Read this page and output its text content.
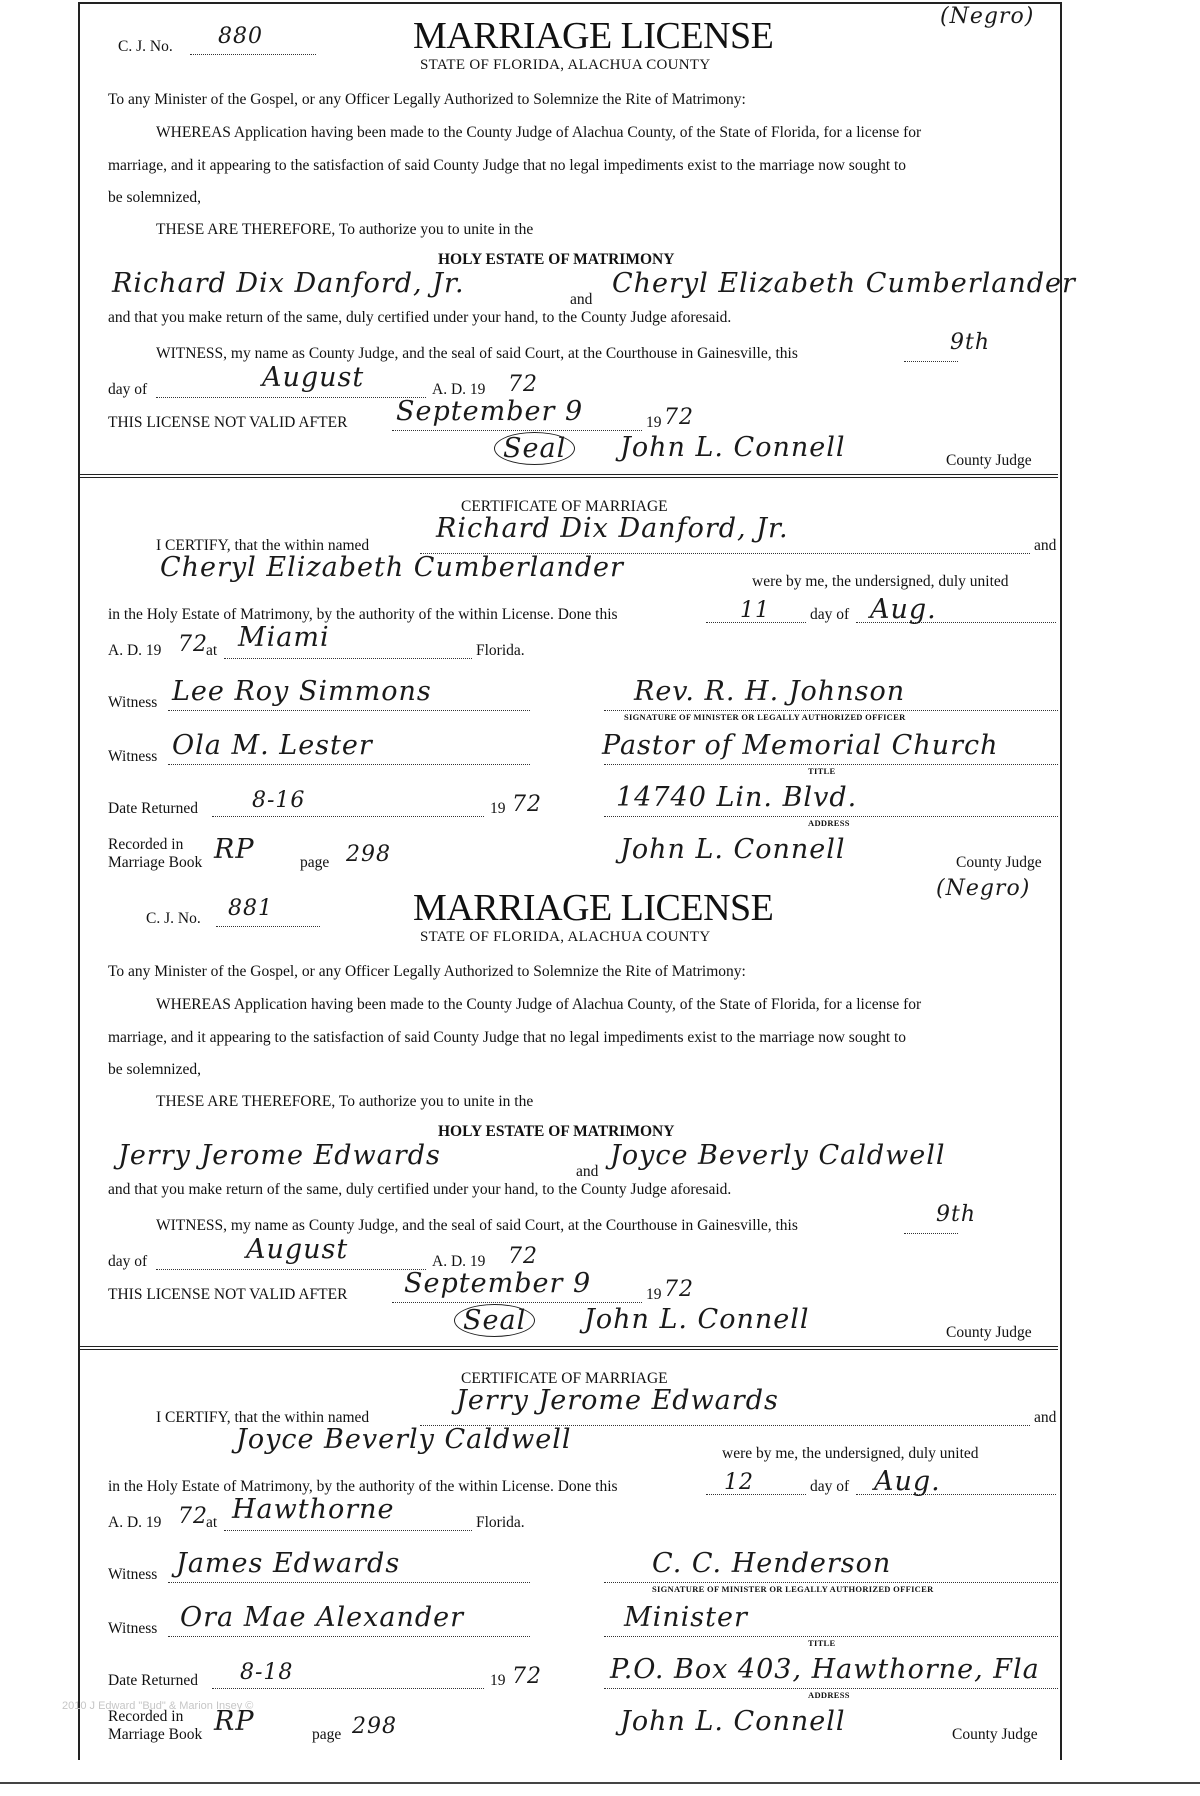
C. J. No. 880	MARRIAGE LICENSE	(Negro)
STATE OF FLORIDA, ALACHUA COUNTY
To any Minister of the Gospel, or any Officer Legally Authorized to Solemnize the Rite of Matrimony:
WHEREAS Application having been made to the County Judge of Alachua County, of the State of Florida, for a license for
marriage, and it appearing to the satisfaction of said County Judge that no legal impediments exist to the marriage now sought to
be solemnized,
THESE ARE THEREFORE, To authorize you to unite in the
HOLY ESTATE OF MATRIMONY
Richard Dix Danford, Jr.
and
Cheryl Elizabeth Cumberlander
and that you make return of the same, duly certified under your hand, to the County Judge aforesaid.
WITNESS, my name as County Judge, and the seal of said Court, at the Courthouse in Gainesville, this	9th
day of	August	A. D. 19 72
THIS LICENSE NOT VALID AFTER September 9	19 72
Seal	John L. Connell	County Judge
CERTIFICATE OF MARRIAGE
I CERTIFY, that the within named
Richard Dix Danford, Jr.
and
Cheryl Elizabeth Cumberlander	were by me, the undersigned, duly united
in the Holy Estate of Matrimony, by the authority of the within License. Done this	11	day of Aug.
A. D. 19 72
at Miami	Florida.
Witness Lee Roy Simmons	Rev. R. H. Johnson
SIGNATURE OF MINISTER OR LEGALLY AUTHORIZED OFFICER
Witness Ola M. Lester	Pastor of Memorial Church
TITLE
Date Returned 8-16	19 72	14740 Lin. Blvd.
ADDRESS
Recorded in
Marriage Book RP	page 298	John L. Connell	County Judge
C. J. No. 881	MARRIAGE LICENSE	(Negro)
STATE OF FLORIDA, ALACHUA COUNTY
To any Minister of the Gospel, or any Officer Legally Authorized to Solemnize the Rite of Matrimony:
WHEREAS Application having been made to the County Judge of Alachua County, of the State of Florida, for a license for
marriage, and it appearing to the satisfaction of said County Judge that no legal impediments exist to the marriage now sought to
be solemnized,
THESE ARE THEREFORE, To authorize you to unite in the
HOLY ESTATE OF MATRIMONY
Jerry Jerome Edwards
and
Joyce Beverly Caldwell
and that you make return of the same, duly certified under your hand, to the County Judge aforesaid.
WITNESS, my name as County Judge, and the seal of said Court, at the Courthouse in Gainesville, this	9th
day of	August	A. D. 19 72
THIS LICENSE NOT VALID AFTER September 9	19 72
Seal	John L. Connell	County Judge
CERTIFICATE OF MARRIAGE
I CERTIFY, that the within named
Jerry Jerome Edwards
and
Joyce Beverly Caldwell	were by me, the undersigned, duly united
in the Holy Estate of Matrimony, by the authority of the within License. Done this	12	day of Aug.
A. D. 19 72
at Hawthorne	Florida.
Witness James Edwards	C. C. Henderson
SIGNATURE OF MINISTER OR LEGALLY AUTHORIZED OFFICER
Witness Ora Mae Alexander	Minister
TITLE
Date Returned 8-18	19 72	P.O. Box 403, Hawthorne, Fla
ADDRESS
Recorded in
Marriage Book RP	page 298	John L. Connell	County Judge
2010 J Edward "Bud" & Marion Insey ©
